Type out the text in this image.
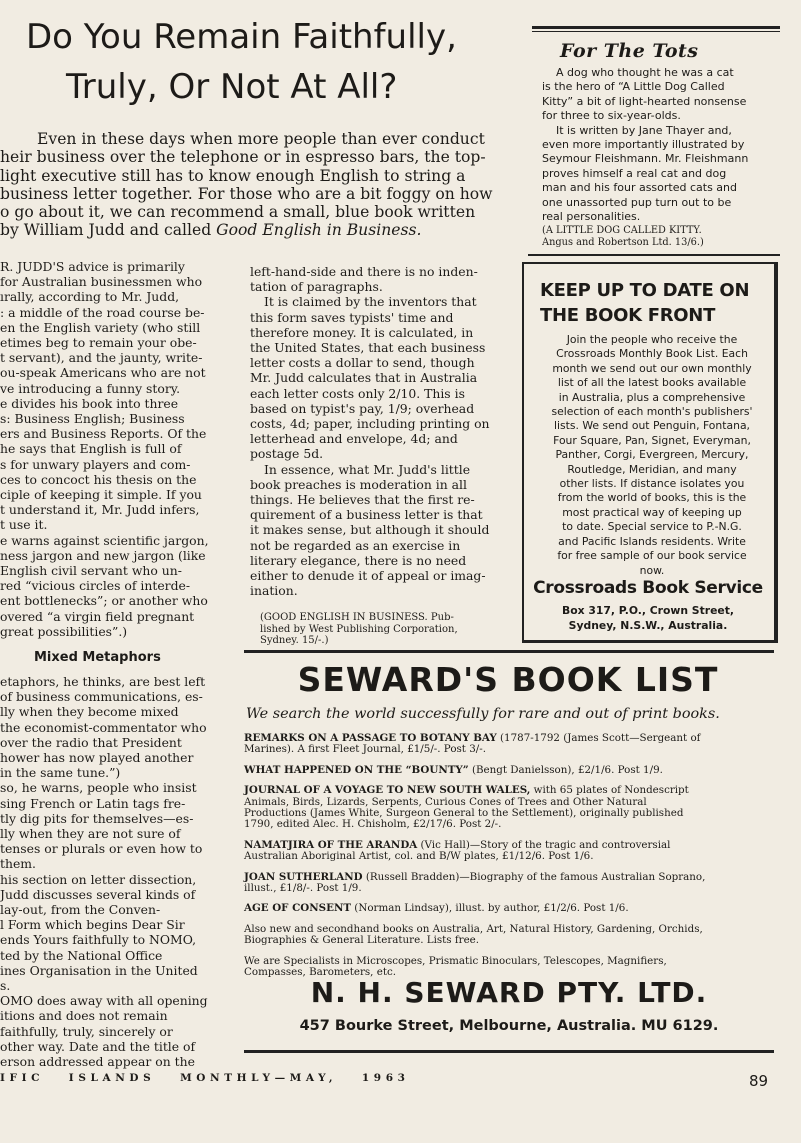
Do You Remain Faithfully,
Truly, Or Not At All?
Even in these days when more people than ever conduct
heir business over the telephone or in espresso bars, the top-
light executive still has to know enough English to string a
business letter together. For those who are a bit foggy on how
o go about it, we can recommend a small, blue book written
by William Judd and called Good English in Business.
R. JUDD'S advice is primarily
for Australian businessmen who
ırally, according to Mr. Judd,
: a middle of the road course be-
en the English variety (who still
etimes beg to remain your obe-
t servant), and the jaunty, write-
ou-speak Americans who are not
ve introducing a funny story.
e divides his book into three
s: Business English; Business
ers and Business Reports. Of the
he says that English is full of
s for unwary players and com-
ces to concoct his thesis on the
ciple of keeping it simple. If you
t understand it, Mr. Judd infers,
t use it.
e warns against scientific jargon,
ness jargon and new jargon (like
English civil servant who un-
red “vicious circles of interde-
ent bottlenecks”; or another who
overed “a virgin field pregnant
great possibilities”.)
Mixed Metaphors
etaphors, he thinks, are best left
of business communications, es-
lly when they become mixed
the economist-commentator who
over the radio that President
hower has now played another
in the same tune.”)
so, he warns, people who insist
sing French or Latin tags fre-
tly dig pits for themselves—es-
lly when they are not sure of
tenses or plurals or even how to
them.
his section on letter dissection,
Judd discusses several kinds of
lay-out, from the Conven-
l Form which begins Dear Sir
ends Yours faithfully to NOMO,
ted by the National Office
ines Organisation in the United
s.
OMO does away with all opening
itions and does not remain
faithfully, truly, sincerely or
other way. Date and the title of
erson addressed appear on the
left-hand-side and there is no inden-
tation of paragraphs.
It is claimed by the inventors that
this form saves typists' time and
therefore money. It is calculated, in
the United States, that each business
letter costs a dollar to send, though
Mr. Judd calculates that in Australia
each letter costs only 2/10. This is
based on typist's pay, 1/9; overhead
costs, 4d; paper, including printing on
letterhead and envelope, 4d; and
postage 5d.
In essence, what Mr. Judd's little
book preaches is moderation in all
things. He believes that the first re-
quirement of a business letter is that
it makes sense, but although it should
not be regarded as an exercise in
literary elegance, there is no need
either to denude it of appeal or imag-
ination.
(GOOD ENGLISH IN BUSINESS. Pub-
lished by West Publishing Corporation,
Sydney. 15/-.)
For The Tots
A dog who thought he was a cat
is the hero of “A Little Dog Called
Kitty” a bit of light-hearted nonsense
for three to six-year-olds.
It is written by Jane Thayer and,
even more importantly illustrated by
Seymour Fleishmann. Mr. Fleishmann
proves himself a real cat and dog
man and his four assorted cats and
one unassorted pup turn out to be
real personalities.
(A LITTLE DOG CALLED KITTY.
Angus and Robertson Ltd. 13/6.)
KEEP UP TO DATE ON
THE BOOK FRONT
Join the people who receive the
Crossroads Monthly Book List. Each
month we send out our own monthly
list of all the latest books available
in Australia, plus a comprehensive
selection of each month's publishers'
lists. We send out Penguin, Fontana,
Four Square, Pan, Signet, Everyman,
Panther, Corgi, Evergreen, Mercury,
Routledge, Meridian, and many
other lists. If distance isolates you
from the world of books, this is the
most practical way of keeping up
to date. Special service to P.-N.G.
and Pacific Islands residents. Write
for free sample of our book service
now.
Crossroads Book Service
Box 317, P.O., Crown Street,
Sydney, N.S.W., Australia.
SEWARD'S BOOK LIST
We search the world successfully for rare and out of print books.
REMARKS ON A PASSAGE TO BOTANY BAY (1787-1792 (James Scott—Sergeant of
Marines). A first Fleet Journal, £1/5/-. Post 3/-.
WHAT HAPPENED ON THE “BOUNTY” (Bengt Danielsson), £2/1/6. Post 1/9.
JOURNAL OF A VOYAGE TO NEW SOUTH WALES, with 65 plates of Nondescript
Animals, Birds, Lizards, Serpents, Curious Cones of Trees and Other Natural
Productions (James White, Surgeon General to the Settlement), originally published
1790, edited Alec. H. Chisholm, £2/17/6. Post 2/-.
NAMATJIRA OF THE ARANDA (Vic Hall)—Story of the tragic and controversial
Australian Aboriginal Artist, col. and B/W plates, £1/12/6. Post 1/6.
JOAN SUTHERLAND (Russell Bradden)—Biography of the famous Australian Soprano,
illust., £1/8/-. Post 1/9.
AGE OF CONSENT (Norman Lindsay), illust. by author, £1/2/6. Post 1/6.
Also new and secondhand books on Australia, Art, Natural History, Gardening, Orchids,
Biographies & General Literature. Lists free.
We are Specialists in Microscopes, Prismatic Binoculars, Telescopes, Magnifiers,
Compasses, Barometers, etc.
N. H. SEWARD PTY. LTD.
457 Bourke Street, Melbourne, Australia. MU 6129.
IFIC   ISLANDS   MONTHLY—MAY,   1963	89
